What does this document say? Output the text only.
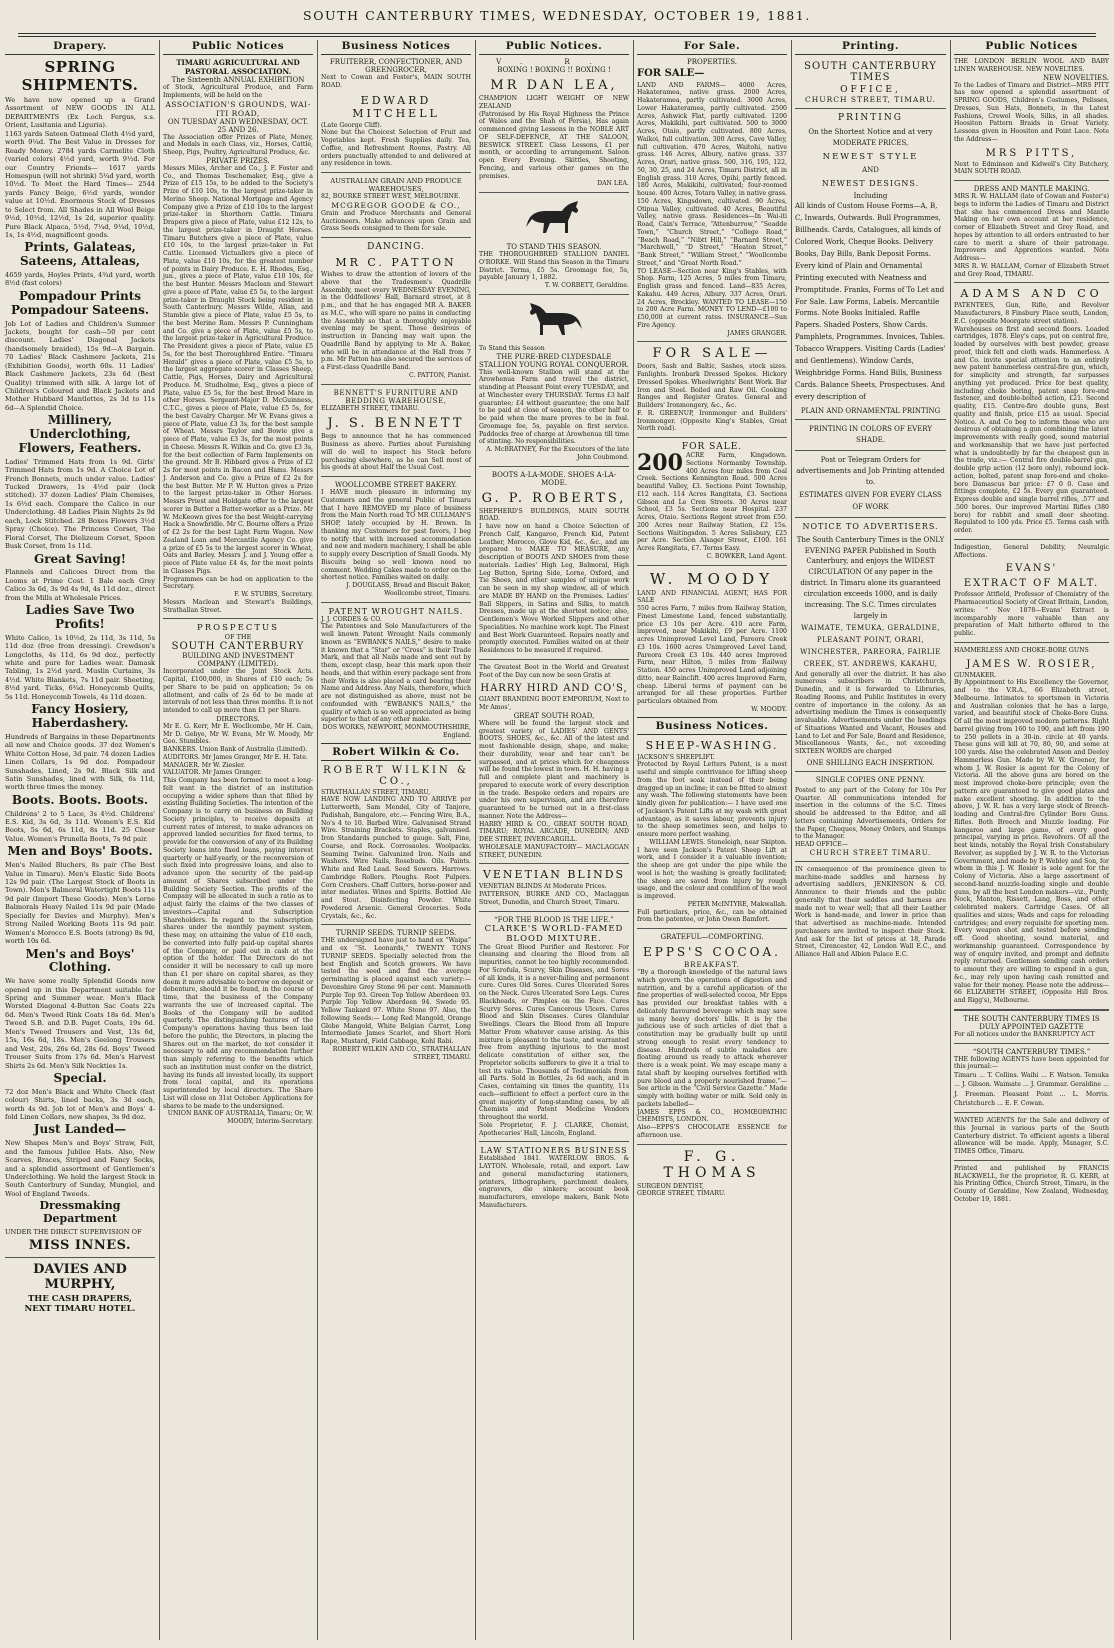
SOUTH CANTERBURY TIMES, WEDNESDAY, OCTOBER 19, 1881.
Drapery.
SPRING SHIPMENTS.
We have now opened up a Grand Assortment of NEW GOODS IN ALL DEPARTMENTS (Ex Loch Fergus, s.s. Orient, Lusitania and Liguria).
1163 yards Sateen Oatmeal Cloth 4½d yard, worth 9¼d. The Best Value in Dresses for Ready Money. 2784 yards Carmelite Cloth (varied colors) 4½d yard, worth 9½d. For our Country Friends— 1617 yards Homespun (will not shrink) 5¼d yard, worth 10½d. To Meet the Hard Times— 2544 yards Fancy Beige, 6½d yards, wonder value at 10½d. Enormous Stock of Dresses to Select from. All Shades in All Wool Beige 9½d, 10½d, 12½d, 1s 2d, superior quality. Pure Black Alpaca, 5½d, 7¼d, 9¼d, 10½d, 1s, 1s 4½d, magnificent goods.
Prints, Galateas, Sateens, Attaleas,
4659 yards, Hoyles Prints, 4¾d yard, worth 8½d (fast colors)
Pompadour Prints Pompadour Sateens.
Job Lot of Ladies and Children's Summer Jackets, bought for cash—50 per cent discount. Ladies' Diagonal Jackets (handsomely braided), 15s 9d—A Bargain. 70 Ladies' Black Cashmere Jackets, 21s (Exhibition Goods), worth 60s. 11 Ladies' Black Cashmere Jackets, 23s 6d (Best Quality) trimmed with silk. A large lot of Children's Coloured and Black Jackets and Mother Hubbard Mantlettes, 2s 3d to 11s 6d—A Splendid Choice.
Millinery, Underclothing, Flowers, Feathers.
Ladies' Trimmed Hats from 1s 9d. Girls' Trimmed Hats from 1s 9d. A Choice Lot of French Bonnets, much under value. Ladies' Tucked Drawers, 1s 4½d pair (lock stitched). 37 dozen Ladies' Plain Chemises, 1s 6½d each. Compare the Calico in our Underclothing. 48 Ladies Plain Nights 2s 9d each, Lock Stitched. 28 Boxes Flowers 3½d Spray (Choice). The Princess Corset, The Floral Corset, The Dielizeum Corset, Spoon Busk Corset, from 1s 11d.
Great Saving!
Flannels and Calicoes Direct from the Looms at Prime Cost. 1 Bale each Grey Calico 3s 6d, 3s 9d 4s 9d, 4s 11d doz., direct from the Mills at Wholesale Prices.
Ladies Save Two Profits!
White Calico, 1s 10½d, 2s 11d, 3s 11d, 5s 11d doz (free from dressing). Crewdson's Longcloths, 4s 11d, 6s 9d doz., perfectly white and pure for Ladies wear. Damask Tabling, 1s 2½d yard. Muslin Curtains, 3s 4½d. White Blankets, 7s 11d pair. Sheeting, 8½d yard. Ticks, 6¾d. Honeycomb Quilts, 5s 11d. Honeycomb Towels, 4s 11d dozen.
Fancy Hosiery, Haberdashery.
Hundreds of Bargains in these Departments all new and Choice goods. 37 doz Women's White Cotton Hose, 3d pair. 74 dozen Ladies Linen Collars, 1s 9d doz. Pompadour Sunshades, Lined, 2s 9d. Black Silk and Satin Sunshades, lined with Silk, 6s 11d, worth three times the money.
Boots. Boots. Boots.
Childrens' 2 to 5 Lace, 3s 4½d. Childrens' E.S. Kid, 3s 6d, 3s 11d. Women's E.S. Kid Boots, 5s 6d, 6s 11d, 8s 11d. 25 Cheer Value. Women's Prunella Boots, 7s 9d pair.
Men and Boys' Boots.
Men's Nailed Bluchers, 8s pair (The Best Value in Timaru). Men's Elastic Side Boots 12s 9d pair. (The Largest Stock of Boots in Town). Men's Balmoral Watertight Boots 11s 9d pair (Import These Goods). Men's Lorne Balmorals Heavy Nailed 11s 9d pair (Made Specially for Davies and Murphy). Men's Strong Nailed Working Boots 11s 9d pair. Women's Morocco E.S. Boots (strong) 8s 9d, worth 10s 6d.
Men's and Boys' Clothing.
We have some really Splendid Goods now opened up in this Department suitable for Spring and Summer wear. Men's Black Worsted Diagonal 4-Button Sac Coats 22s 6d. Men's Tweed Rink Coats 18s 6d. Men's Tweed S.B. and D.B. Paget Coats, 19s 6d. Men's Tweed Trousers and Vest, 13s 6d, 15s, 16s 6d, 18s. Men's Geelong Trousers and Vest, 20s, 26s 6d, 28s 6d. Boys' Tweed Trouser Suits from 17s 6d. Men's Harvest Shirts 2s 6d. Men's Silk Neckties 1s.
Special.
72 doz Men's Black and White Check (fast colour) Shirts, lined backs, 3s 3d each, worth 4s 9d. Job lot of Men's and Boys' 4-fold Linen Collars, new shapes, 3s 9d doz.
Just Landed—
New Shapes Men's and Boys' Straw, Felt, and the famous Jubilee Hats. Also, New Scarves, Braces, Striped and Fancy Socks, and a splendid assortment of Gentlemen's Underclothing. We hold the largest Stock in South Canterbury of Sunday, Mungiel, and Wool of England Tweeds.
Dressmaking Department
UNDER THE DIRECT SUPERVISION OF
MISS INNES.
DAVIES AND MURPHY,
THE CASH DRAPERS,
NEXT TIMARU HOTEL.
Public Notices
TIMARU AGRICULTURAL AND PASTORAL ASSOCIATION.
The Sixteenth ANNUAL EXHIBITION
of Stock, Agricultural Produce, and Farm Implements, will be held on the
ASSOCIATION'S GROUNDS, WAI-ITI ROAD,
ON TUESDAY AND WEDNESDAY, OCT. 25 AND 26.
The Association offer Prizes of Plate, Money, and Medals in each Class, viz., Horses, Cattle, Sheep, Pigs, Poultry, Agricultural Produce, &c.
PRIVATE PRIZES.
Messrs Miles, Archer and Co., J. F. Foster and Co., and Thomas Teschemaker, Esq., give a Prize of £15 15s, to be added to the Society's Prize of £10 10s, to the largest prize-taker in Merino Sheep. National Mortgage and Agency Company give a Prize of £10 10s to the largest prize-taker in Shorthorn Cattle. Timaru Drapers give a piece of Plate, value £12 12s, to the largest prize-taker in Draught Horses. Timaru Butchers give a piece of Plate, value £10 10s, to the largest prize-taker in Fat Cattle. Licensed Victuallers give a piece of Plate, value £10 10s, for the greatest number of points in Dairy Produce. E. H. Rhodes, Esq., jun., gives a piece of Plate, value £10 10s, for the best Hunter. Messrs Maclean and Stewart give a piece of Plate, value £5 5s, to the largest prize-taker in Draught Stock being resident in South Canterbury. Messrs Wilde, Allan, and Stamble give a piece of Plate, value £5 5s, to the best Merino Ram. Messrs P. Cunningham and Co. give a piece of Plate, value £5 5s, to the largest prize-taker in Agricultural Produce. The President gives a piece of Plate, value £5 5s, for the best Thoroughbred Entire. “Timaru Herald” gives a piece of Plate, value £5 5s, to the largest aggregate scorer in Classes Sheep, Cattle, Pigs, Horses, Dairy and Agricultural Produce. M. Studholme, Esq., gives a piece of Plate, value £5 5s, for the best Brood Mare in other Horses. Sergeant-Major D. McGuinness, C.T.C., gives a piece of Plate, value £5 5s, for the best Cavalry Charger. Mr W. Evans gives a piece of Plate, value £3 3s, for the best sample of Wheat. Messrs Taylor and Bowie give a piece of Plate, value £3 3s, for the most points in Cheese. Messrs R. Wilkin and Co. give £3 3s, for the best collection of Farm Implements on the ground. Mr B. Hibbard gives a Prize of £2 2s for most points in Bacon and Hams. Messrs J. Anderson and Co. give a Prize of £2 2s for the best Butter. Mr P. W. Hutton gives a Prize to the largest prize-taker in Other Horses. Messrs Priest and Holdgate offer to the largest scorer in Butter a Butter-worker as a Prize. Mr W. McKeown gives for the best Weight-carrying Hack a Snowbridle. Mr C. Bourne offers a Prize of £2 2s for the best Light Farm Wagon. New Zealand Loan and Mercantile Agency Co. give a prize of £5 5s to the largest scorer in Wheat, Oats and Barley. Messrs J. and J. Young offer a piece of Plate value £4 4s, for the most points in Classes Pigs.
Programmes can be had on application to the Secretary.
F. W. STUBBS, Secretary.
Messrs Maclean and Stewart's Buildings, Strathallan Street.
PROSPECTUS
OF THE
SOUTH CANTERBURY
BUILDING AND INVESTMENT COMPANY (LIMITED).
Incorporated under the Joint Stock Acts. Capital, £100,000, in Shares of £10 each; 5s per Share to be paid on application; 5s on allotment, and calls of 2s 6d to be made at intervals of not less than three months. It is not intended to call up more than £1 per Share.
DIRECTORS.
Mr E. G. Kerr, Mr E. Wocllcombe, Mr H. Cain, Mr D. Gebye, Mr W. Evans, Mr W. Moody, Mr Geo. Stumbles.
BANKERS. Union Bank of Australia (Limited).
AUDITORS. Mr James Granger, Mr E. H. Tate.
MANAGER. Mr W. Ziesler.
VALUATOR. Mr James Granger.
This Company has been formed to meet a long-felt want in the district of an institution occupying a wider sphere than that filled by existing Building Societies. The intention of the Company is to carry on business on Building Society principles, to receive deposits at current rates of interest, to make advances on approved landed securities for fixed terms, to provide for the conversion of any of its Building Society loans into fixed loans, paying interest quarterly or half-yearly, or the reconversion of such fixed into progressive loans, and also to advance upon the security of the paid-up amount of Shares subscribed under the Building Society Section. The profits of the Company will be allocated in such a ratio as to adjust fairly the claims of the two classes of investors—Capital and Subscription Shareholders. In regard to the subscription shares under the monthly payment system, these may, on attaining the value of £10 each, be converted into fully paid-up capital shares of the Company, or paid out in cash at the option of the holder. The Directors do not consider it will be necessary to call up more than £1 per share on capital shares, as they deem it more advisable to borrow on deposit or debenture, should it be found, in the course of time, that the business of the Company warrants the use of increased capital. The Books of the Company will be audited quarterly. The distinguishing features of the Company's operations having thus been laid before the public, the Directors, in placing the Shares out on the market, do not consider it necessary to add any recommendation further than simply referring to the benefits which such an institution must confer on the district, having its funds all invested locally, its support from local capital, and its operations superintended by local directors. The Share List will close on 31st October. Applications for shares to be made to the undersigned.
UNION BANK OF AUSTRALIA, Timaru; Or, W. MOODY, Interim-Secretary.
Business Notices
FRUITERER, CONFECTIONER, AND GREENGROCER,
Next to Cowan and Foster's, MAIN SOUTH ROAD.
EDWARD MITCHELL
(Late George Cliff).
None but the Choicest Selection of Fruit and Vegetables kept. Fresh Supplies daily. Tea, Coffee, and Refreshment Rooms, Pastry. All orders punctually attended to and delivered at any residence in town.
AUSTRALIAN GRAIN AND PRODUCE WAREHOUSES,
82, BOURKE STREET WEST, MELBOURNE.
MCGREGOR GOODE & CO.,
Grain and Produce Merchants and General Auctioneers. Make advances upon Grain and Grass Seeds consigned to them for sale.
DANCING.
MR C. PATTON
Wishes to draw the attention of lovers of the above that the Tradesmen's Quadrille Assembly, meet every WEDNESDAY EVENING, in the Oddfellows' Hall, Barnard street, at 8 p.m., and that he has engaged MR A. BAKER as M.C., who will spare no pains in conducting the Assembly so that a thoroughly enjoyable evening may be spent. Those desirous of instruction in Dancing may wait upon the Quadrille Band by applying to Mr A. Baker, who will be in attendance at the Hall from 7 p.m. Mr Patton has also secured the services of a First-class Quadrille Band.
C. PATTON, Pianist.
BENNETT'S FURNITURE AND BEDDING WAREHOUSE,
ELIZABETH STREET, TIMARU.
J. S. BENNETT
Begs to announce that he has commenced Business as above. Parties about Furnishing will do well to inspect his Stock before purchasing elsewhere, as he can Sell most of his goods at about Half the Usual Cost.
WOOLLCOMBE STREET BAKERY.
I HAVE much pleasure in informing my Customers and the general Public of Timaru that I have REMOVED my place of business from the Main North road TO MR CULLMAN'S SHOP, lately occupied by H. Brown. In thanking my Customers for past favors, I beg to notify that with increased accommodation and new and modern machinery, I shall be able to supply every Description of Small Goods. My Biscuits being so well known need no comment. Wedding Cakes made to order on the shortest notice. Families waited on daily.
J. DOUGLASS, Bread and Biscuit Baker, Woollcombe street, Timaru.
PATENT WROUGHT NAILS.
J. J. CORDES & CO.
The Patentees and Sole Manufacturers of the well known Patent Wrought Nails commonly known as “EWBANK'S NAILS,” desire to make it known that a “Star” or “Cross” is their Trade Mark, and that all Nails made and sent out by them, except clasp, bear this mark upon their heads, and that within every package sent from their Works is also placed a card bearing their Name and Address. Any Nails, therefore, which are not distinguished as above, must not be confounded with “EWBANK'S NAILS,” the quality of which is so well appreciated as being superior to that of any other make.
DOS WORKS, NEWPORT, MONMOUTHSHIRE, England.
Robert Wilkin & Co.
ROBERT WILKIN & CO.,
STRATHALLAN STREET, TIMARU,
HAVE NOW LANDING AND TO ARRIVE per Lutterworth, Sam Mendel, City of Tanjore, Padishah, Bangalore, etc.— Fencing Wire, B.A., No's 4 to 10. Barbed Wire. Galvanised Strand Wire. Straining Brackets. Staples, galvanised. Iron Standards punched to gauge. Salt, Fine, Coarse, and Rock. Corrosaoles. Woolpacks. Seaming Twine. Galvanized Iron. Nails and Washers. Wire Nails, Rosebuds. Oils. Paints. White and Red Lead. Seed Sowers. Harrows. Cambridge Rollers. Ploughs. Root Pulpers. Corn Crushers. Chaff Cutters, horse-power and inter mediates. Wines and Spirits. Bottled Ale and Stout. Disinfecting Powder. White Powdered Arsenic. General Groceries. Soda Crystals, &c., &c.
TURNIP SEEDS. TURNIP SEEDS.
THE undersigned have just to hand ex “Waipa” and ex “St. Leonards,” TWENTY TONS TURNIP SEEDS. Specially selected from the best English and Scotch growers. We have tested the seed and find the average germinating is placed against each variety:— Devonshire Grey Stone 96 per cent. Mammoth Purple Top 93. Green Top Yellow Aberdeen 93. Purple Top Yellow Aberdeen 94. Swede 95. Yellow Tankard 97. White Stone 97. Also, the following Seeds:— Long Red Mangold, Orange Globe Mangold, White Belgian Carrot, Long Intermediate James Scarlet, and Short Horn Rape, Mustard, Field Cabbage, Kohl Rabi.
ROBERT WILKIN AND CO., STRATHALLAN STREET, TIMARU.
Public Notices.
V. R.
BOXING ! BOXING !! BOXING !
MR DAN LEA,
CHAMPION LIGHT WEIGHT OF NEW ZEALAND
(Patronised by His Royal Highness the Prince of Wales and the Shah of Persia), Has again commenced giving Lessons in the NOBLE ART OF SELF-DEFENCE, AT THE SALOON, BESWICK STREET. Class Lessons, £1 per month, or according to arrangement. Saloon open Every Evening. Skittles, Shooting, Fencing, and various other games on the premises.
DAN LEA.
TO STAND THIS SEASON.
THE THOROUGHBRED STALLION DANIEL O'RORKE. Will Stand this Season in the Timaru District. Terms, £5 5s. Groomage fee, 5s, payable January 1, 1882.
T. W. CORBETT, Geraldine.
To Stand this Season
THE PURE-BRED CLYDESDALE STALLION YOUNG ROYAL CONQUEROR.
This well-known Stallion will stand at the Arowhenua Farm and travel the district, standing at Pleasant Point every TUESDAY, and at Winchester every THURSDAY. Terms £3 half guarantee; £4 without guarantee; the one half to be paid at close of season, the other half to be paid when the mare proves to be in foal. Groomage fee, 5s, payable on first service. Paddocks free of charge at Arowhenua till time of stinting. No responsibilities.
A. McBRATNEY, For the Executors of the late John Coubmond.
BOOTS A-LA-MODE. SHOES A-LA-MODE.
G. P. ROBERTS,
SHEPHERD'S BUILDINGS, MAIN SOUTH ROAD.
I have now on hand a Choice Selection of French Calf, Kangaroo, French Kid, Patent Leather, Morocco, Glove Kid, &c., &c., and am prepared to MAKE TO MEASURE, any description of BOOTS AND SHOES from these materials. Ladies' High Leg, Balmoral, High Leg Button, Spring Side, Lorne, Oxford, and Tie Shoes, and other samples of unique work can be seen in my shop window, all of which are MADE BY HAND on the Premises. Ladies' Ball Slippers, in Satins and Silks, to match Dresses, made up at the shortest notice; also, Gentlemen's Wove Worked Slippers and other Specialities. No machine work kept. The Finest and Best Work Guaranteed. Repairs neatly and promptly executed. Families waited on at their Residences to be measured if required.
The Greatest Boot in the World and Greatest Foot of the Day can now be seen Gratis at
HARRY HIRD AND CO'S,
GIANT BRANDING BOOT EMPORIUM, Next to Mr Amos',
GREAT SOUTH ROAD,
Where will be found the largest stock and greatest variety of LADIES' AND GENTS' BOOTS, SHOES, &c., &c. All of the latest and most fashionable design, shape, and make; their durability, wear and tear can't be surpassed, and at prices which for cheapness will be found the lowest in town. H. H. having a full and complete plant and machinery is prepared to execute work of every description in the trade. Bespoke orders and repairs are under his own supervision, and are therefore guaranteed to be turned out in a first-class manner. Note the Address—
HARRY HIRD & CO., GREAT SOUTH ROAD, TIMARU; ROYAL ARCADE, DUNEDIN; AND DEE STREET, INVERCARGILL.
WHOLESALE MANUFACTORY— MACLAGGAN STREET, DUNEDIN.
VENETIAN BLINDS
VENETIAN BLINDS At Moderate Prices.
PATTERSON, BURKE AND CO., Maclaggan Street, Dunedin, and Church Street, Timaru.
“FOR THE BLOOD IS THE LIFE.”
CLARKE'S WORLD-FAMED BLOOD MIXTURE.
The Great Blood Purifier and Restorer. For cleansing and clearing the Blood from all impurities, cannot be too highly recommended. For Scrofula, Scurvy, Skin Diseases, and Sores of all kinds, it is a never-failing and permanent cure. Cures Old Sores. Cures Ulcerated Sores on the Neck. Cures Ulcerated Sore Legs. Cures Blackheads, or Pimples on the Face. Cures Scurvy Sores. Cures Cancerous Ulcers. Cures Blood and Skin Diseases. Cures Glandular Swellings. Clears the Blood from all Impure Matter From whatever cause arising. As this mixture is pleasant to the taste, and warranted free from anything injurious to the most delicate constitution of either sex, the Proprietor solicits sufferers to give it a trial to test its value. Thousands of Testimonials from all Parts. Sold in Bottles, 2s 6d each, and in Cases, containing six times the quantity, 11s each—sufficient to effect a perfect cure in the great majority of long-standing cases, by all Chemists and Patent Medicine Vendors throughout the world.
Sole Proprietor, F. J. CLARKE, Chemist, Apothecaries' Hall, Lincoln, England.
LAW STATIONERS BUSINESS
Established 1841. WATERLOW BROS. & LAYTON. Wholesale, retail, and export. Law and general manufacturing stationers, printers, lithographers, parchment dealers, engravers, die sinkers; account book manufacturers, envelope makers, Bank Note Manufacturers.
For Sale.
PROPERTIES.
FOR SALE—
LAND AND FARMS— 4000 Acres, Hakateramea, native grass. 2000 Acres, Hakateramea, partly cultivated. 3000 Acres, Lower Hakateramea, partly cultivated. 2500 Acres, Ashwick Flat, partly cultivated. 1200 Acres, Makikihi, part cultivated. 500 to 3000 Acres, Otaio, partly cultivated. 800 Acres, Waikoi, full cultivation. 300 Acres, Cave Valley, full cultivation. 470 Acres, Waitohi, native grass. 146 Acres, Albury, native grass. 337 Acres, Orari, native grass. 500, 316, 195, 122, 50, 30, 25, and 24 Acres, Timaru District, all in English grass. 310 Acres, Opihi, partly fenced. 180 Acres, Makikihi, cultivated; four-roomed house. 400 Acres, Totara Valley, in native grass. 150 Acres, Kingsdown, cultivated. 90 Acres, Otipua Valley, cultivated. 40 Acres, Beautiful Valley, native grass. Residences—In Wai-iti Road, Cain's Terrace, “Attenburrow,” “Seadde Town,” “Church Street,” “College Road,” “Beach Road,” “Nibtt Hill,” “Barnard Street,” “Marchwell,” “D Street,” “Heaton Street,” “Bank Street,” “William Street,” “Woollcombe Street,” and “Great North Road.”
TO LEASE—Section near King's Stables, with Shop. Farm, 125 Acres, 5 miles from Timaru, English grass and fenced. Land—835 Acres, Kakahu. 449 Acres, Albury. 337 Acres, Orari. 24 Acres, Brockley. WANTED TO LEASE—150 to 200 Acre Farm. MONEY TO LEND—£100 to £50,000 at current rates. INSURANCE—Sun Fire Agency.
JAMES GRANGER.
FOR SALE—
Doors, Sash and Baltic, Sashes, stock sizes. Fanlights. Ironbark Dressed Spokes. Hickory Dressed Spokes. Wheelwrights' Bent Work. Bar Iron and Steel. Boiled and Raw Oil. Cooking Ranges and Register Grates. General and Builders' Ironmongery, &c., &c.
F. R. GREENUP, Ironmonger and Builders' Ironmonger. (Opposite King's Stables, Great North road).
FOR SALE.
200 ACRE Farm, Kingsdown. Sections Normanby Township. 400 Acres four miles from Coal Creek. Sections Kennington Road. 500 Acres beautiful Valley, £3. Sections Point Township, £12 each. 114 Acres Rangitata, £3. Sections Gibson and Le Cren Streets. 30 Acres near School, £3 5s. Sections near Hospital. 237 Acres, Otaio. Sections Regent street from £50. 200 Acres near Railway Station, £2 15s. Sections Waitingsdon. 5 Acres Salisbury, £25 per Acre. Section Alsager Street, £100. 161 Acres Rangitata, £7. Terms Easy.
C. BOWKER, Land Agent.
W. MOODY
LAND AND FINANCIAL AGENT, HAS FOR SALE
550 acres Farm, 7 miles from Railway Station, Finest Limestone Land, fenced substantially, price £3 10s per Acre. 410 acre Farm, improved, near Makikihi, £9 per Acre. 1100 acres Unimproved Level Land, Pareora Creek £3 10s. 1600 acres Unimproved Level Land, Pareora Creek £3 10s. 440 acres Improved Farm, near Hilton, 5 miles from Railway Station. 450 acres Unimproved Land adjoining ditto, near Rainclift. 400 acres Improved Farm, cheap. Liberal terms of payment can be arranged for all these properties. Further particulars obtained from
W. MOODY.
Business Notices.
SHEEP-WASHING.
JACKSON'S SHEEPLIFT.
Protected by Royal Letters Patent, is a most useful and simple contrivance for lifting sheep from the foot soak instead of their being dragged up an incline; it can be fitted to almost any wash. The following statements have been kindly given for publication:— I have used one of Jackson's Patent Lifts at my wash with great advantage, as it saves labour, prevents injury to the sheep sometimes seen, and helps to ensure more perfect washing.
WILLIAM LEWIS. Stoneleigh, near Skipton.
I have seen Jackson's Patent Sheep Lift at work, and I consider it a valuable invention; the sheep are got under the pipe while the wool is hot; the washing is greatly facilitated; the sheep are saved from injury by rough usage, and the colour and condition of the wool is improved.
PETER McINTYRE, Makwallah.
Full particulars, price, &c., can be obtained from the patentee, or John Owen Bamfort.
GRATEFUL—COMFORTING.
EPPS'S COCOA.
BREAKFAST.
“By a thorough knowledge of the natural laws which govern the operations of digestion and nutrition, and by a careful application of the fine properties of well-selected cocoa, Mr Epps has provided our breakfast tables with a delicately flavoured beverage which may save us many heavy doctors' bills. It is by the judicious use of such articles of diet that a constitution may be gradually built up until strong enough to resist every tendency to disease. Hundreds of subtle maladies are floating around us ready to attack wherever there is a weak point. We may escape many a fatal shaft by keeping ourselves fortified with pure blood and a properly nourished frame.”—See article in the “Civil Service Gazette.” Made simply with boiling water or milk. Sold only in packets labelled—
JAMES EPPS & CO., HOMŒOPATHIC CHEMISTS, LONDON.
Also—EPPS'S CHOCOLATE ESSENCE for afternoon use.
F. G. THOMAS
SURGEON DENTIST,
GEORGE STREET, TIMARU.
Printing.
SOUTH CANTERBURY TIMES
OFFICE,
CHURCH STREET, TIMARU.
PRINTING
On the Shortest Notice and at very
MODERATE PRICES,
NEWEST STYLE
AND
NEWEST DESIGNS.
Including
All kinds of Custom House Forms—A, B, C, Inwards, Outwards. Bull Programmes, Billheads. Cards, Catalogues, all kinds of Colored Work, Cheque Books. Delivery Books, Day Bills, Bank Deposit Forms. Every kind of Plain and Ornamental Printing executed with Neatness and Promptitude. Franks, Forms of To Let and For Sale. Law Forms, Labels. Mercantile Forms. Note Books Initialed. Raffle Papers. Shaded Posters, Show Cards. Pamphlets, Programmes. Invoices, Tables. Tobacco Wrappers. Visiting Cards (Ladies' and Gentlemens). Window Cards, Weighbridge Forms. Hand Bills, Business Cards. Balance Sheets, Prospectuses. And every description of
PLAIN AND ORNAMENTAL PRINTING
PRINTING IN COLORS OF EVERY SHADE.
Post or Telegram Orders for advertisements and Job Printing attended to.
ESTIMATES GIVEN FOR EVERY CLASS OF WORK
NOTICE TO ADVERTISERS.
The South Canterbury Times is the ONLY EVENING PAPER Published in South Canterbury, and enjoys the WIDEST CIRCULATION Of any paper in the district. In Timaru alone its guaranteed circulation exceeds 1000, and is daily increasing. The S.C. Times circulates largely in
WAIMATE, TEMUKA, GERALDINE, PLEASANT POINT, ORARI, WINCHESTER, PAREORA, FAIRLIE CREEK, ST. ANDREWS, KAKAHU,
And generally all over the district. It has also numerous subscribers in Christchurch, Dunedin, and it is forwarded to Libraries, Reading Rooms, and Public Institutes in every centre of importance in the colony. As an advertising medium the Times is consequently invaluable. Advertisements under the headings of Situations Wanted and Vacant, Houses and Land to Let and For Sale, Board and Residence, Miscellaneous Wants, &c., not exceeding SIXTEEN WORDS are charged
ONE SHILLING EACH INSERTION.
SINGLE COPIES ONE PENNY.
Posted to any part of the Colony for 10s Per Quarter. All communications intended for insertion in the columns of the S.C. Times should be addressed to the Editor, and all letters containing Advertisements, Orders for the Paper, Cheques, Money Orders, and Stamps to the Manager.
HEAD OFFICE—
CHURCH STREET TIMARU.
IN consequence of the prominence given to machine-made saddles and harness by advertising saddlers, JENKINSON & CO. Announce to their friends and the public generally that their saddles and harness are made not to wear well; that all their Leather Work is hand-made, and lower in price than that advertised as machine-made. Intended purchasers are invited to inspect their Stock. And ask for the list of prices at 18, Parade Street, Cirencester, 42, London Wall E.C., and Alliance Hall and Albion Palace E.C.
Public Notices
THE LONDON BERLIN WOOL AND BABY LINEN WAREHOUSE. NEW NOVELTIES.
NEW NOVELTIES.
To the Ladies of Timaru and District—MRS PITT has now opened a splendid assortment of SPRING GOODS, Children's Costumes, Pelisses, Dresses, Sun Hats, Bonnets, in the Latest Fashions, Crewel Wools, Silks, in all shades. Hoositon Pattern Braids in Great Variety. Lessons given in Hoositon and Point Lace. Note the Address—
MRS PITTS,
Next to Edminson and Kidwell's City Butchery, MAIN SOUTH ROAD.
DRESS AND MANTLE MAKING.
MRS R. W. HALLAM (late of Cowan and Foster's) begs to inform the Ladies of Timaru and District that she has commenced Dress and Mantle Making on her own account at her residence, corner of Elizabeth Street and Grey Road, and hopes by attention to all orders entrusted to her care to merit a share of their patronage. Improvers and Apprentices wanted. Note Address—
MRS R. W. HALLAM, Corner of Elizabeth Street and Grey Road, TIMARU.
ADAMS AND CO
PATENTEES, Gun, Rifle, and Revolver Manufacturers, 8 Finsbury Place south, London, E.C. (opposite Moorgate street station).
Warehouses on first and second floors. Loaded cartridges, 1878. Eley's caps, put on central fire, loaded by ourselves with best powder, grease proof, thick felt and cloth wads. Hammerless. A and Co. invite special attention to an entirely new patent hammerless central-fire gun, which, for simplicity and strength, far surpasses anything yet produced. Price for best quality, including choke boring, patent snap fore-end fastener, and double-bolted action, £21. Second quality, £15. Centre-fire double guns, Best quality and finish, price £15 as usual. Special Notice. A. and Co beg to inform those who are desirous of obtaining a gun combining the latest improvements with really good, sound material and workmanship that we have just perfected what is undoubtedly by far the cheapest gun in the trade, viz.:— Central fire double-barrel gun, double grip action (12 bore only), rebound lock-action, bolted, patent snap fore-end and choke-bore Damascus bar price: £7 0 0. Case and fittings complete, £2 5s. Every gun guaranteed. Express double and single barrel rifles, .577 and .500 bores. Our improved Martini Rifles (380 bore) for rabbit and small deer shooting. Regulated to 100 yds. Price £5. Terms cash with order.
Indigestion, General Debility, Neuralgic Affections.
EVANS'
EXTRACT OF MALT.
Professor Attfield, Professor of Chemistry of the Pharmaceutical Society of Great Britain, London, writes: “ Nov 1878—Evans' Extract is incomparably more valuable than any preparation of Malt hitherto offered to the public.
HAMMERLESS AND CHOKE-BORE GUNS
JAMES W. ROSIER,
GUNMAKER.
By Appointment to His Excellency the Governor, and to the V.R.A., 66 Elizabeth street, Melbourne. Intimates to sportsmen in Victoria and Australian colonies that he has a large, varied, and beautiful stock of Choke-Bore Guns. Of all the most improved modern patterns. Right barrel giving from 160 to 190, and left from 190 to 250 pellets in a 30-in. circle at 40 yards. These guns will kill at 70, 80, 90, and some at 100 yards. Also the celebrated Anson and Deeley Hammerless Gun. Made by W. W. Greener, for whom J. W. Rosier is agent for the Colony of Victoria. All the above guns are bored on the most improved choke-bore principle; even the pattern are guaranteed to give good plates and make excellent shooting. In addition to the above, J. W. R. has a very large stock of Breech-loading and Central-fire Cylinder Bore Guns. Rifles. Both Breech and Muzzle loading. For kangaroo and large game, of every good principal, varying in price. Revolvers. Of all the best kinds, notably the Royal Irish Constabulary Revolver, as supplied by J. W. R. to the Victorian Government, and made by P. Webley and Son, for whom in this J. W. Rosier is sole agent for the Colony of Victoria. Also a large assortment of second-hand muzzle-loading single and double guns, by all the best London makers—viz., Purdy, Nock, Manton, Rissett, Lang, Boss, and other celebrated makers. Cartridge Cases. Of all qualities and sizes; Wads and caps for reloading cartridges; and every requisite for sporting men. Every weapon shot and tested before sending off. Good shooting, sound material, and workmanship guaranteed. Correspondence by way of enquiry invited, and prompt and definite reply returned. Gentlemen sending cash orders to amount they are willing to expend in a gun, &c., may rely upon having cash remitted and value for their money. Please note the address— 66 ELIZABETH STREET, (Opposite Hill Bros. and Rigg's), Melbourne.
THE SOUTH CANTERBURY TIMES IS DULY APPOINTED GAZETTE
For all notices under the BANKRUPTCY ACT
“SOUTH CANTERBURY TIMES.”
THE following AGENTS have been appointed for this journal:—
Timaru ... T. Collins. Waihi ... F. Watson. Temuka ... J. Gibson. Waimate ... J. Grammar. Geraldine ... J. Freeman. Pleasant Point ... L. Morris. Christchurch ... E. F. Cowan.
WANTED AGENTS for the Sale and delivery of this Journal in various parts of the South Canterbury district. To efficient agents a liberal allowance will be made. Apply, Manager, S.C. TIMES Office, Timaru.
Printed and published by FRANCIS BLACKWELL, for the proprietor, R. G. KERR, at his Printing Office, Church Street, Timaru, in the County of Geraldine, New Zealand, Wednesday, October 19, 1881.
